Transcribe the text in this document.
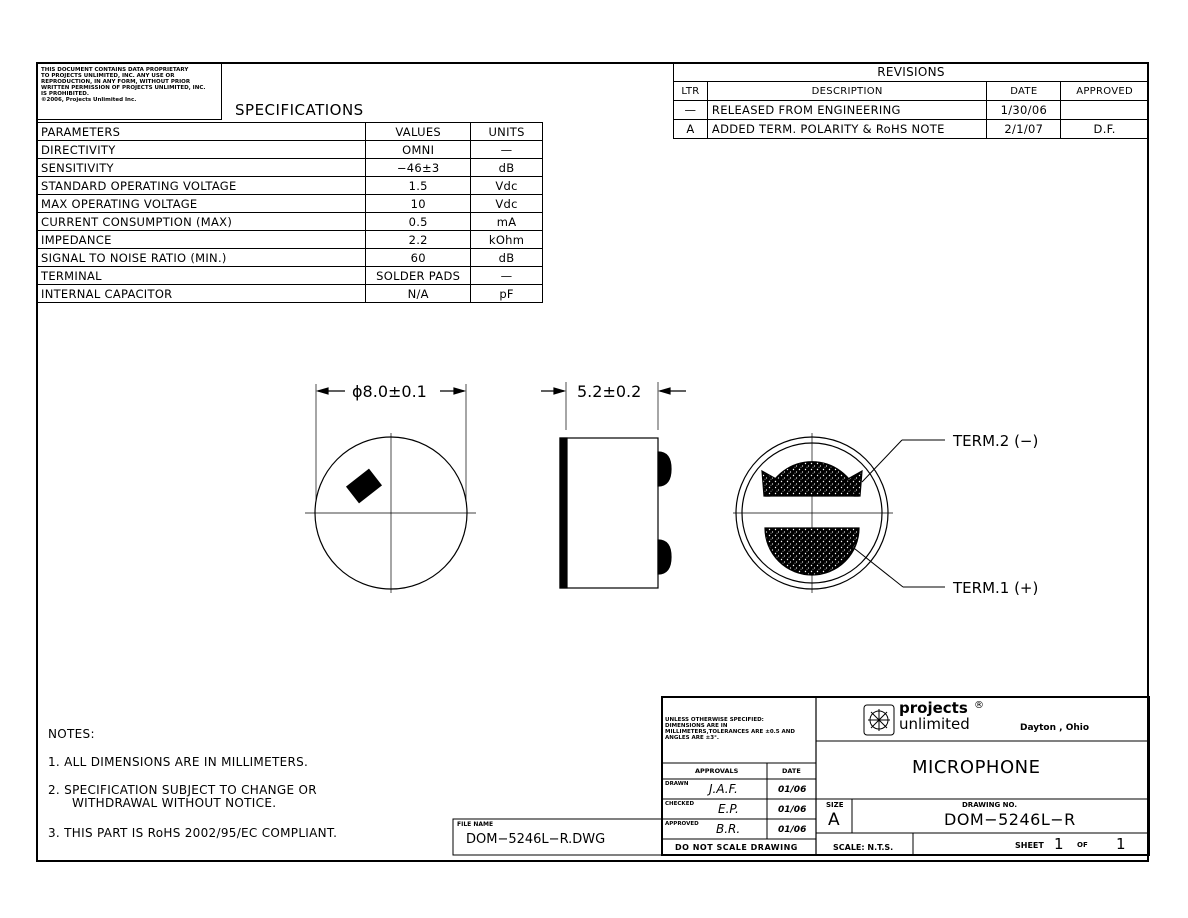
THIS DOCUMENT CONTAINS DATA PROPRIETARY
TO PROJECTS UNLIMITED, INC. ANY USE OR
REPRODUCTION, IN ANY FORM, WITHOUT PRIOR
WRITTEN PERMISSION OF PROJECTS UNLIMITED, INC.
IS PROHIBITED.
©2006, Projects Unlimited Inc.
SPECIFICATIONS
PARAMETERS	VALUES	UNITS
DIRECTIVITY	OMNI	—
SENSITIVITY	−46±3	dB
STANDARD OPERATING VOLTAGE	1.5	Vdc
MAX OPERATING VOLTAGE	10	Vdc
CURRENT CONSUMPTION (MAX)	0.5	mA
IMPEDANCE	2.2	kOhm
SIGNAL TO NOISE RATIO (MIN.)	60	dB
TERMINAL	SOLDER PADS	—
INTERNAL CAPACITOR	N/A	pF
REVISIONS			
LTR	DESCRIPTION	DATE	APPROVED
—	RELEASED FROM ENGINEERING	1/30/06	
A	ADDED TERM. POLARITY & RoHS NOTE	2/1/07	D.F.
ϕ8.0±0.1	5.2±0.2
TERM.2 (−)
TERM.1 (+)
NOTES:
1. ALL DIMENSIONS ARE IN MILLIMETERS.
2. SPECIFICATION SUBJECT TO CHANGE OR
WITHDRAWAL WITHOUT NOTICE.
3. THIS PART IS RoHS 2002/95/EC COMPLIANT.
FILE NAME
DOM−5246L−R.DWG
UNLESS OTHERWISE SPECIFIED:
DIMENSIONS ARE IN
MILLIMETERS,TOLERANCES ARE ±0.5 AND
ANGLES ARE ±3°.
APPROVALS	DATE
DRAWN J.A.F.	01/06
CHECKED E.P.	01/06
APPROVED B.R.	01/06
DO NOT SCALE DRAWING
projects ®
unlimited	Dayton , Ohio
MICROPHONE
SIZE
A
DRAWING NO.
DOM−5246L−R
SCALE: N.T.S.	SHEET 1 OF 1
